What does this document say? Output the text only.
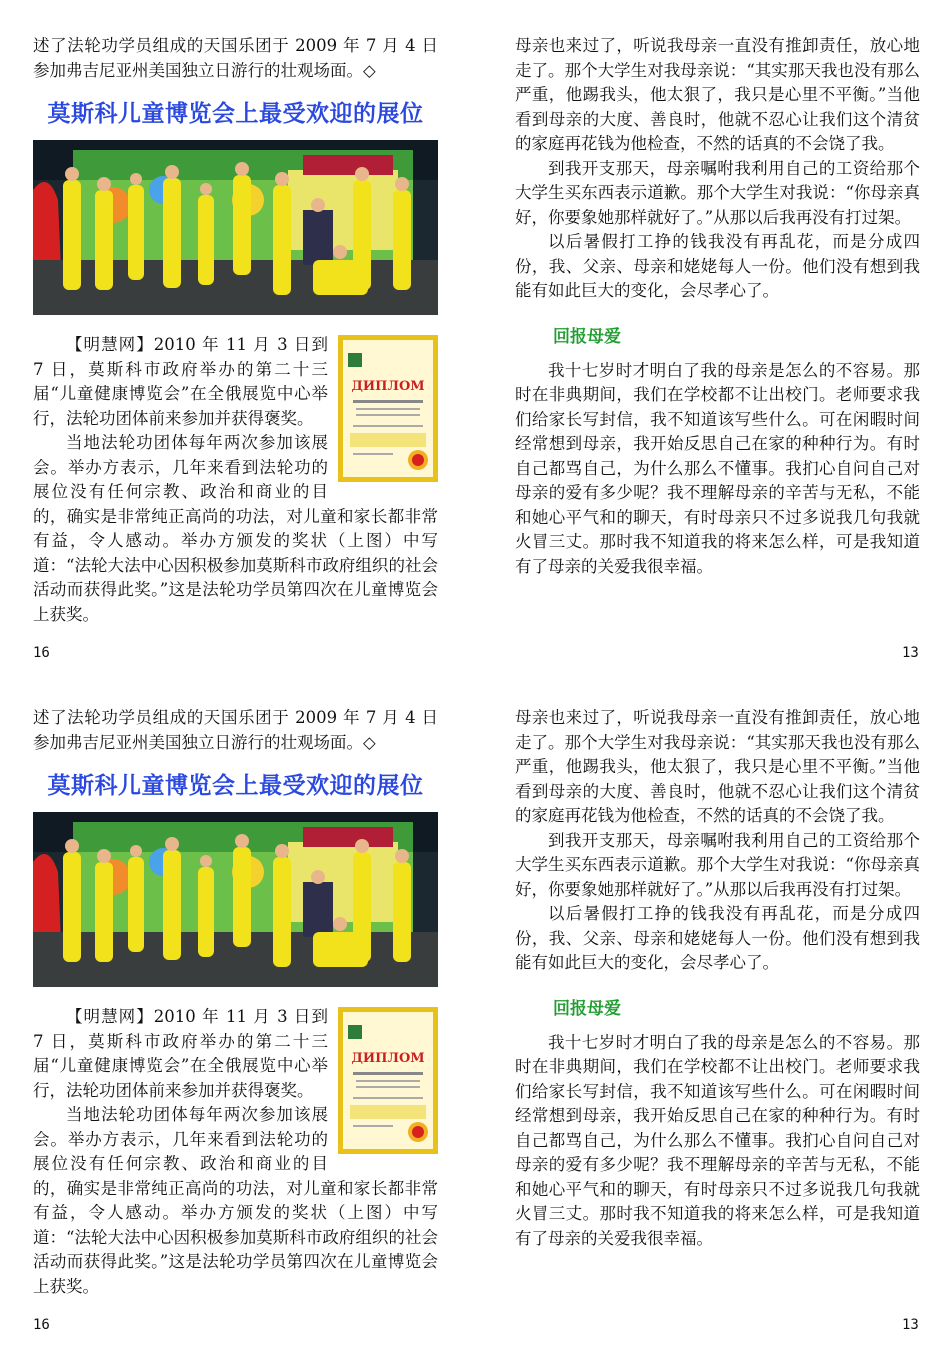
述了法轮功学员组成的天国乐团于 2009 年 7 月 4 日参加弗吉尼亚州美国独立日游行的壮观场面。◇

莫斯科儿童博览会上最受欢迎的展位
ДИПЛОМ

【明慧网】2010 年 11 月 3 日到 7 日，莫斯科市政府举办的第二十三届“儿童健康博览会”在全俄展览中心举行，法轮功团体前来参加并获得褒奖。

当地法轮功团体每年两次参加该展会。举办方表示，几年来看到法轮功的展位没有任何宗教、政治和商业的目的，确实是非常纯正高尚的功法，对儿童和家长都非常有益，令人感动。举办方颁发的奖状（上图）中写道：“法轮大法中心因积极参加莫斯科市政府组织的社会活动而获得此奖。”这是法轮功学员第四次在儿童博览会上获奖。

母亲也来过了，听说我母亲一直没有推卸责任，放心地走了。那个大学生对我母亲说：“其实那天我也没有那么严重，他踢我头，他太狠了，我只是心里不平衡。”当他看到母亲的大度、善良时，他就不忍心让我们这个清贫的家庭再花钱为他检查，不然的话真的不会饶了我。

到我开支那天，母亲嘱咐我利用自己的工资给那个大学生买东西表示道歉。那个大学生对我说：“你母亲真好，你要象她那样就好了。”从那以后我再没有打过架。

以后暑假打工挣的钱我没有再乱花，而是分成四份，我、父亲、母亲和姥姥每人一份。他们没有想到我能有如此巨大的变化，会尽孝心了。

回报母爱

我十七岁时才明白了我的母亲是怎么的不容易。那时在非典期间，我们在学校都不让出校门。老师要求我们给家长写封信，我不知道该写些什么。可在闲暇时间经常想到母亲，我开始反思自己在家的种种行为。有时自己都骂自己，为什么那么不懂事。我扪心自问自己对母亲的爱有多少呢？我不理解母亲的辛苦与无私，不能和她心平气和的聊天，有时母亲只不过多说我几句我就火冒三丈。那时我不知道我的将来怎么样，可是我知道有了母亲的关爱我很幸福。

16	13

述了法轮功学员组成的天国乐团于 2009 年 7 月 4 日参加弗吉尼亚州美国独立日游行的壮观场面。◇

莫斯科儿童博览会上最受欢迎的展位
ДИПЛОМ

【明慧网】2010 年 11 月 3 日到 7 日，莫斯科市政府举办的第二十三届“儿童健康博览会”在全俄展览中心举行，法轮功团体前来参加并获得褒奖。

当地法轮功团体每年两次参加该展会。举办方表示，几年来看到法轮功的展位没有任何宗教、政治和商业的目的，确实是非常纯正高尚的功法，对儿童和家长都非常有益，令人感动。举办方颁发的奖状（上图）中写道：“法轮大法中心因积极参加莫斯科市政府组织的社会活动而获得此奖。”这是法轮功学员第四次在儿童博览会上获奖。

母亲也来过了，听说我母亲一直没有推卸责任，放心地走了。那个大学生对我母亲说：“其实那天我也没有那么严重，他踢我头，他太狠了，我只是心里不平衡。”当他看到母亲的大度、善良时，他就不忍心让我们这个清贫的家庭再花钱为他检查，不然的话真的不会饶了我。

到我开支那天，母亲嘱咐我利用自己的工资给那个大学生买东西表示道歉。那个大学生对我说：“你母亲真好，你要象她那样就好了。”从那以后我再没有打过架。

以后暑假打工挣的钱我没有再乱花，而是分成四份，我、父亲、母亲和姥姥每人一份。他们没有想到我能有如此巨大的变化，会尽孝心了。

回报母爱

我十七岁时才明白了我的母亲是怎么的不容易。那时在非典期间，我们在学校都不让出校门。老师要求我们给家长写封信，我不知道该写些什么。可在闲暇时间经常想到母亲，我开始反思自己在家的种种行为。有时自己都骂自己，为什么那么不懂事。我扪心自问自己对母亲的爱有多少呢？我不理解母亲的辛苦与无私，不能和她心平气和的聊天，有时母亲只不过多说我几句我就火冒三丈。那时我不知道我的将来怎么样，可是我知道有了母亲的关爱我很幸福。

16	13
